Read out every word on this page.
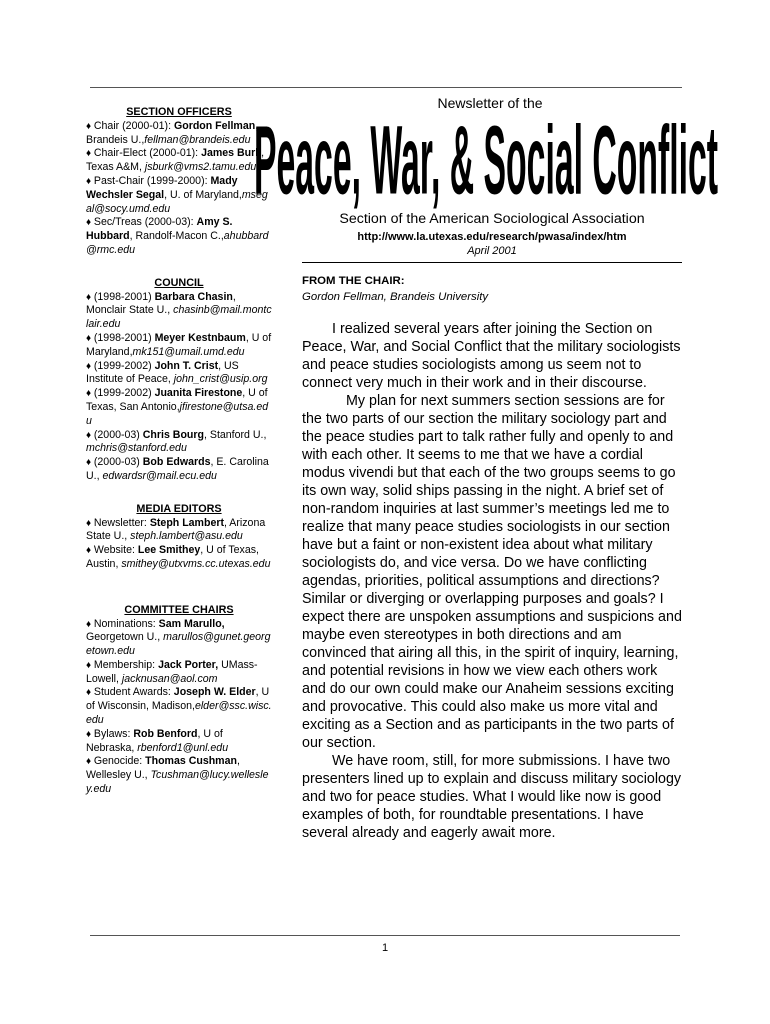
SECTION OFFICERS
♦ Chair (2000-01): Gordon Fellman, Brandeis U.,fellman@brandeis.edu
♦ Chair-Elect (2000-01): James Burk, Texas A&M, jsburk@vms2.tamu.edu
♦ Past-Chair (1999-2000): Mady Wechsler Segal, U. of Maryland,msegal@socy.umd.edu
♦ Sec/Treas (2000-03): Amy S. Hubbard, Randolf-Macon C.,ahubbard@rmc.edu
COUNCIL
♦ (1998-2001) Barbara Chasin, Monclair State U., chasinb@mail.montclair.edu
♦ (1998-2001) Meyer Kestnbaum, U of Maryland,mk151@umail.umd.edu
♦ (1999-2002) John T. Crist, US Institute of Peace, john_crist@usip.org
♦ (1999-2002) Juanita Firestone, U of Texas, San Antonio,jfirestone@utsa.edu
♦ (2000-03) Chris Bourg, Stanford U., mchris@stanford.edu
♦ (2000-03) Bob Edwards, E. Carolina U., edwardsr@mail.ecu.edu
MEDIA EDITORS
♦ Newsletter: Steph Lambert, Arizona State U., steph.lambert@asu.edu
♦ Website: Lee Smithey, U of Texas, Austin, smithey@utxvms.cc.utexas.edu
COMMITTEE CHAIRS
♦ Nominations: Sam Marullo, Georgetown U., marullos@gunet.georgetown.edu
♦ Membership: Jack Porter, UMass-Lowell, jacknusan@aol.com
♦ Student Awards: Joseph W. Elder, U of Wisconsin, Madison,elder@ssc.wisc.edu
♦ Bylaws: Rob Benford, U of Nebraska, rbenford1@unl.edu
♦ Genocide: Thomas Cushman, Wellesley U., Tcushman@lucy.wellesley.edu
Newsletter of the
Peace, War, & Social Conflict
Section of the American Sociological Association
http://www.la.utexas.edu/research/pwasa/index/htm
April 2001
FROM THE CHAIR:
Gordon Fellman, Brandeis University

I realized several years after joining the Section on Peace, War, and Social Conflict that the military sociologists and peace studies sociologists among us seem not to connect very much in their work and in their discourse.

My plan for next summers section sessions are for the two parts of our section the military sociology part and the peace studies part to talk rather fully and openly to and with each other. It seems to me that we have a cordial modus vivendi but that each of the two groups seems to go its own way, solid ships passing in the night. A brief set of non-random inquiries at last summer’s meetings led me to realize that many peace studies sociologists in our section have but a faint or non-existent idea about what military sociologists do, and vice versa. Do we have conflicting agendas, priorities, political assumptions and directions? Similar or diverging or overlapping purposes and goals? I expect there are unspoken assumptions and suspicions and maybe even stereotypes in both directions and am convinced that airing all this, in the spirit of inquiry, learning, and potential revisions in how we view each others work and do our own could make our Anaheim sessions exciting and provocative. This could also make us more vital and exciting as a Section and as participants in the two parts of our section.

We have room, still, for more submissions. I have two presenters lined up to explain and discuss military sociology and two for peace studies. What I would like now is good examples of both, for roundtable presentations. I have several already and eagerly await more.

1
